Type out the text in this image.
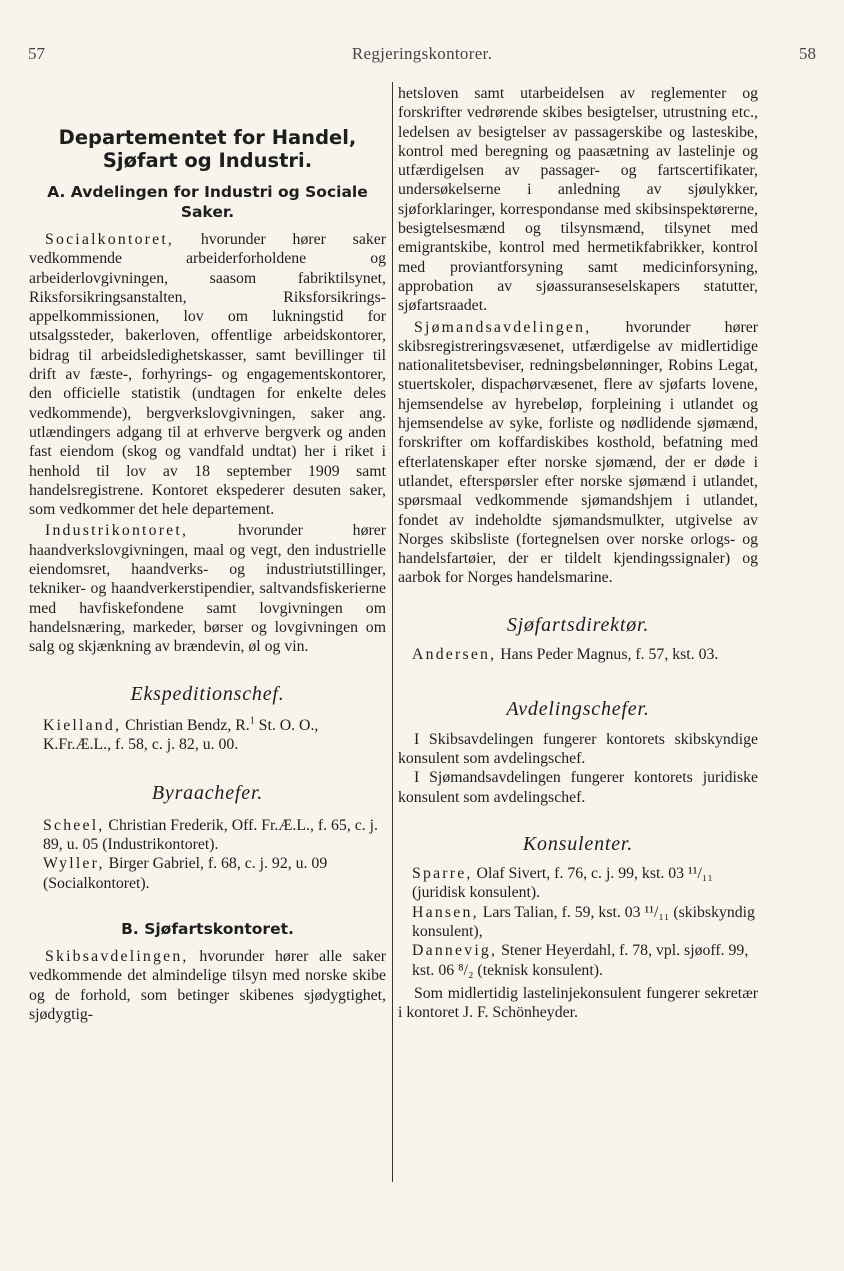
57	Regjeringskontorer.	58
Departementet for Handel, Sjøfart og Industri.
A. Avdelingen for Industri og Sociale Saker.

Socialkontoret, hvorunder hører saker vedkommende arbeiderforholdene og arbeiderlovgivningen, saasom fabriktilsynet, Riksforsikringsanstalten, Riksforsikrings-appelkommissionen, lov om lukningstid for utsalgssteder, bakerloven, offentlige arbeidskontorer, bidrag til arbeidsledighetskasser, samt bevillinger til drift av fæste-, forhyrings- og engagementskontorer, den officielle statistik (undtagen for enkelte deles vedkommende), bergverkslovgivningen, saker ang. utlændingers adgang til at erhverve bergverk og anden fast eiendom (skog og vandfald undtat) her i riket i henhold til lov av 18 september 1909 samt handelsregistrene. Kontoret ekspederer desuten saker, som vedkommer det hele departement.

Industrikontoret,	hvorunder hører haandverkslovgivningen, maal og vegt, den industrielle eiendomsret, haandverks- og industriutstillinger, tekniker- og haandverkerstipendier, saltvandsfiskerierne med havfiskefondene samt lovgivningen om handelsnæring, markeder, børser og lovgivningen om salg og skjænkning av brændevin, øl og vin.

Ekspeditionschef.

Kielland, Christian Bendz, R.$^1$ St. O. O., K.Fr.Æ.L., f. 58, c. j. 82, u. 00.

Byraachefer.

Scheel, Christian Frederik, Off. Fr.Æ.L., f. 65, c. j. 89, u. 05 (Industrikontoret).

Wyller, Birger Gabriel, f. 68, c. j. 92, u. 09 (Socialkontoret).

B. Sjøfartskontoret.

Skibsavdelingen, hvorunder hører alle saker vedkommende det almindelige tilsyn med norske skibe og de forhold, som betinger skibenes sjødygtighet, sjødygtig-

hetsloven samt utarbeidelsen av reglementer og forskrifter vedrørende skibes besigtelser, utrustning etc., ledelsen av besigtelser av passagerskibe og lasteskibe, kontrol med beregning og paasætning av lastelinje og utfærdigelsen av passager- og fartscertifikater, undersøkelserne i anledning av sjøulykker, sjøforklaringer, korrespondanse med skibsinspektørerne, besigtelsesmænd og tilsynsmænd, tilsynet med emigrantskibe, kontrol med hermetikfabrikker, kontrol med proviantforsyning samt medicinforsyning, approbation av sjøassuranseselskapers statutter, sjøfartsraadet.

Sjømandsavdelingen, hvorunder hører skibsregistreringsvæsenet, utfærdigelse av midlertidige nationalitetsbeviser, redningsbelønninger, Robins Legat, stuertskoler, dispachørvæsenet, flere av sjøfarts lovene, hjemsendelse av hyrebeløp, forpleining i utlandet og hjemsendelse av syke, forliste og nødlidende sjømænd, forskrifter om koffardiskibes kosthold, befatning med efterlatenskaper efter norske sjømænd, der er døde i utlandet, efterspørsler efter norske sjømænd i utlandet, spørsmaal vedkommende sjømandshjem i utlandet, fondet av indeholdte sjømandsmulkter, utgivelse av Norges skibsliste (fortegnelsen over norske orlogs- og handelsfartøier, der er tildelt kjendingssignaler) og aarbok for Norges handelsmarine.

Sjøfartsdirektør.

Andersen, Hans Peder Magnus, f. 57, kst. 03.

Avdelingschefer.

I Skibsavdelingen fungerer kontorets skibskyndige konsulent som avdelingschef.

I Sjømandsavdelingen fungerer kontorets juridiske konsulent som avdelingschef.

Konsulenter.

Sparre, Olaf Sivert, f. 76, c. j. 99, kst. 03 ¹¹/₁₁ (juridisk konsulent).

Hansen, Lars Talian, f. 59, kst. 03 ¹¹/₁₁ (skibskyndig konsulent),

Dannevig, Stener Heyerdahl, f. 78, vpl. sjøoff. 99, kst. 06 ⁸/₂ (teknisk konsulent).

Som midlertidig lastelinjekonsulent fungerer sekretær i kontoret J. F. Schönheyder.
